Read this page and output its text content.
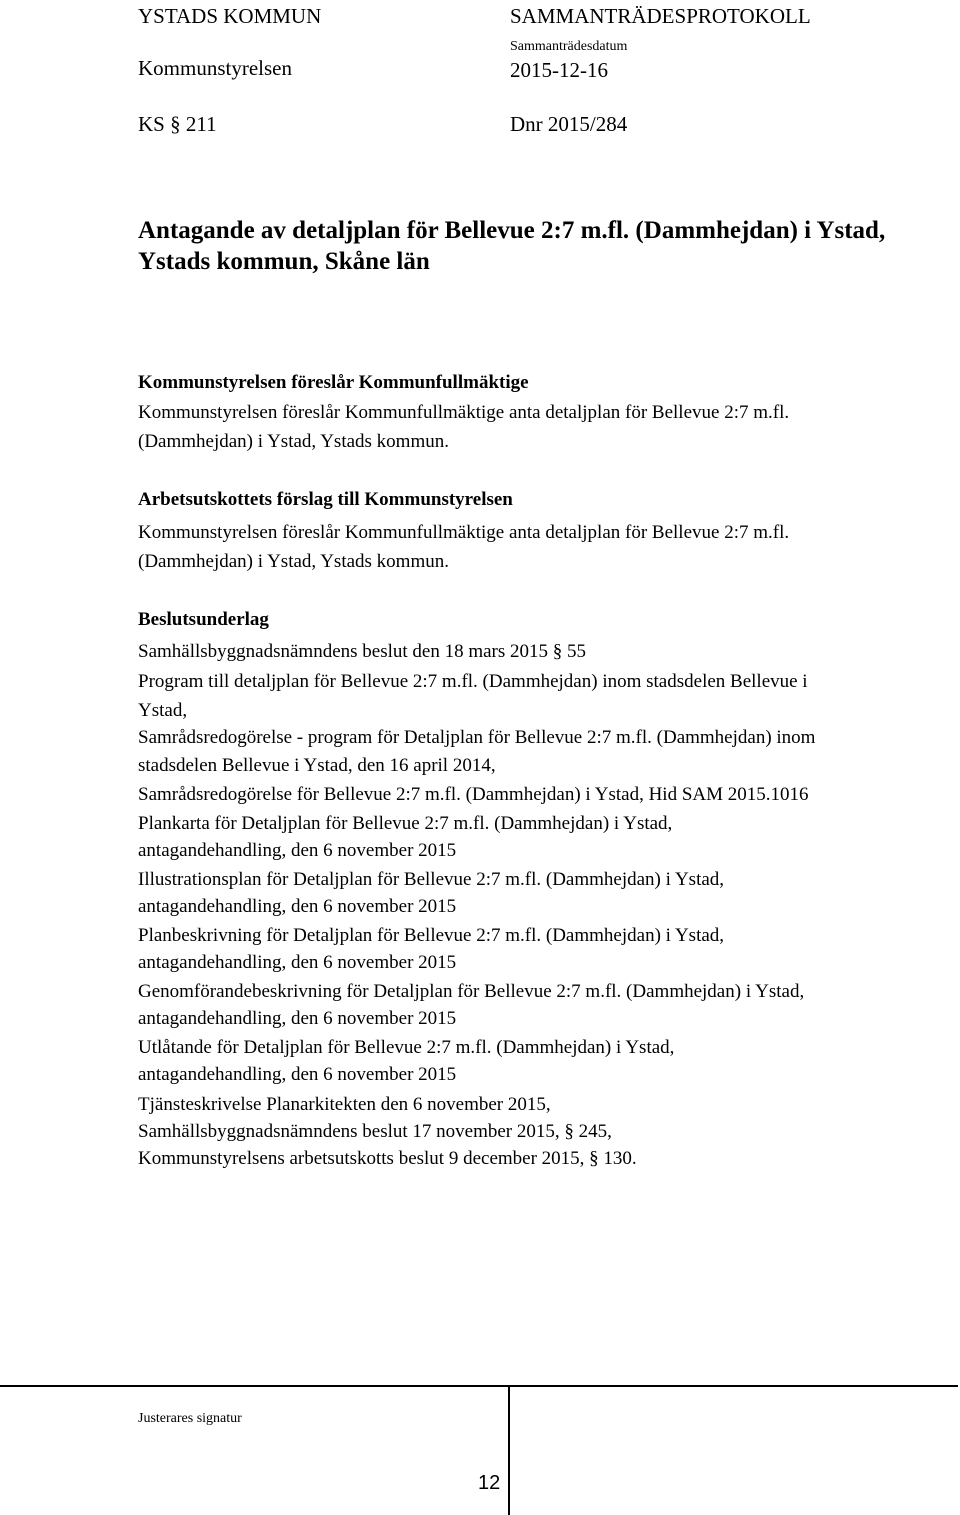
YSTADS KOMMUN
Kommunstyrelsen
SAMMANTRÄDESPROTOKOLL
Sammanträdesdatum
2015-12-16
KS § 211	Dnr 2015/284
Antagande av detaljplan för Bellevue 2:7 m.fl. (Dammhejdan) i Ystad,
Ystads kommun, Skåne län
Kommunstyrelsen föreslår Kommunfullmäktige
Kommunstyrelsen föreslår Kommunfullmäktige anta detaljplan för Bellevue 2:7 m.fl.
(Dammhejdan) i Ystad, Ystads kommun.
Arbetsutskottets förslag till Kommunstyrelsen
Kommunstyrelsen föreslår Kommunfullmäktige anta detaljplan för Bellevue 2:7 m.fl.
(Dammhejdan) i Ystad, Ystads kommun.
Beslutsunderlag
Samhällsbyggnadsnämndens beslut den 18 mars 2015 § 55
Program till detaljplan för Bellevue 2:7 m.fl. (Dammhejdan) inom stadsdelen Bellevue i
Ystad,
Samrådsredogörelse - program för Detaljplan för Bellevue 2:7 m.fl. (Dammhejdan) inom
stadsdelen Bellevue i Ystad, den 16 april 2014,
Samrådsredogörelse för Bellevue 2:7 m.fl. (Dammhejdan) i Ystad, Hid SAM 2015.1016
Plankarta för Detaljplan för Bellevue 2:7 m.fl. (Dammhejdan) i Ystad,
antagandehandling, den 6 november 2015
Illustrationsplan för Detaljplan för Bellevue 2:7 m.fl. (Dammhejdan) i Ystad,
antagandehandling, den 6 november 2015
Planbeskrivning för Detaljplan för Bellevue 2:7 m.fl. (Dammhejdan) i Ystad,
antagandehandling, den 6 november 2015
Genomförandebeskrivning för Detaljplan för Bellevue 2:7 m.fl. (Dammhejdan) i Ystad,
antagandehandling, den 6 november 2015
Utlåtande för Detaljplan för Bellevue 2:7 m.fl. (Dammhejdan) i Ystad,
antagandehandling, den 6 november 2015
Tjänsteskrivelse Planarkitekten den 6 november 2015,
Samhällsbyggnadsnämndens beslut 17 november 2015, § 245,
Kommunstyrelsens arbetsutskotts beslut 9 december 2015, § 130.
Justerares signatur
12
